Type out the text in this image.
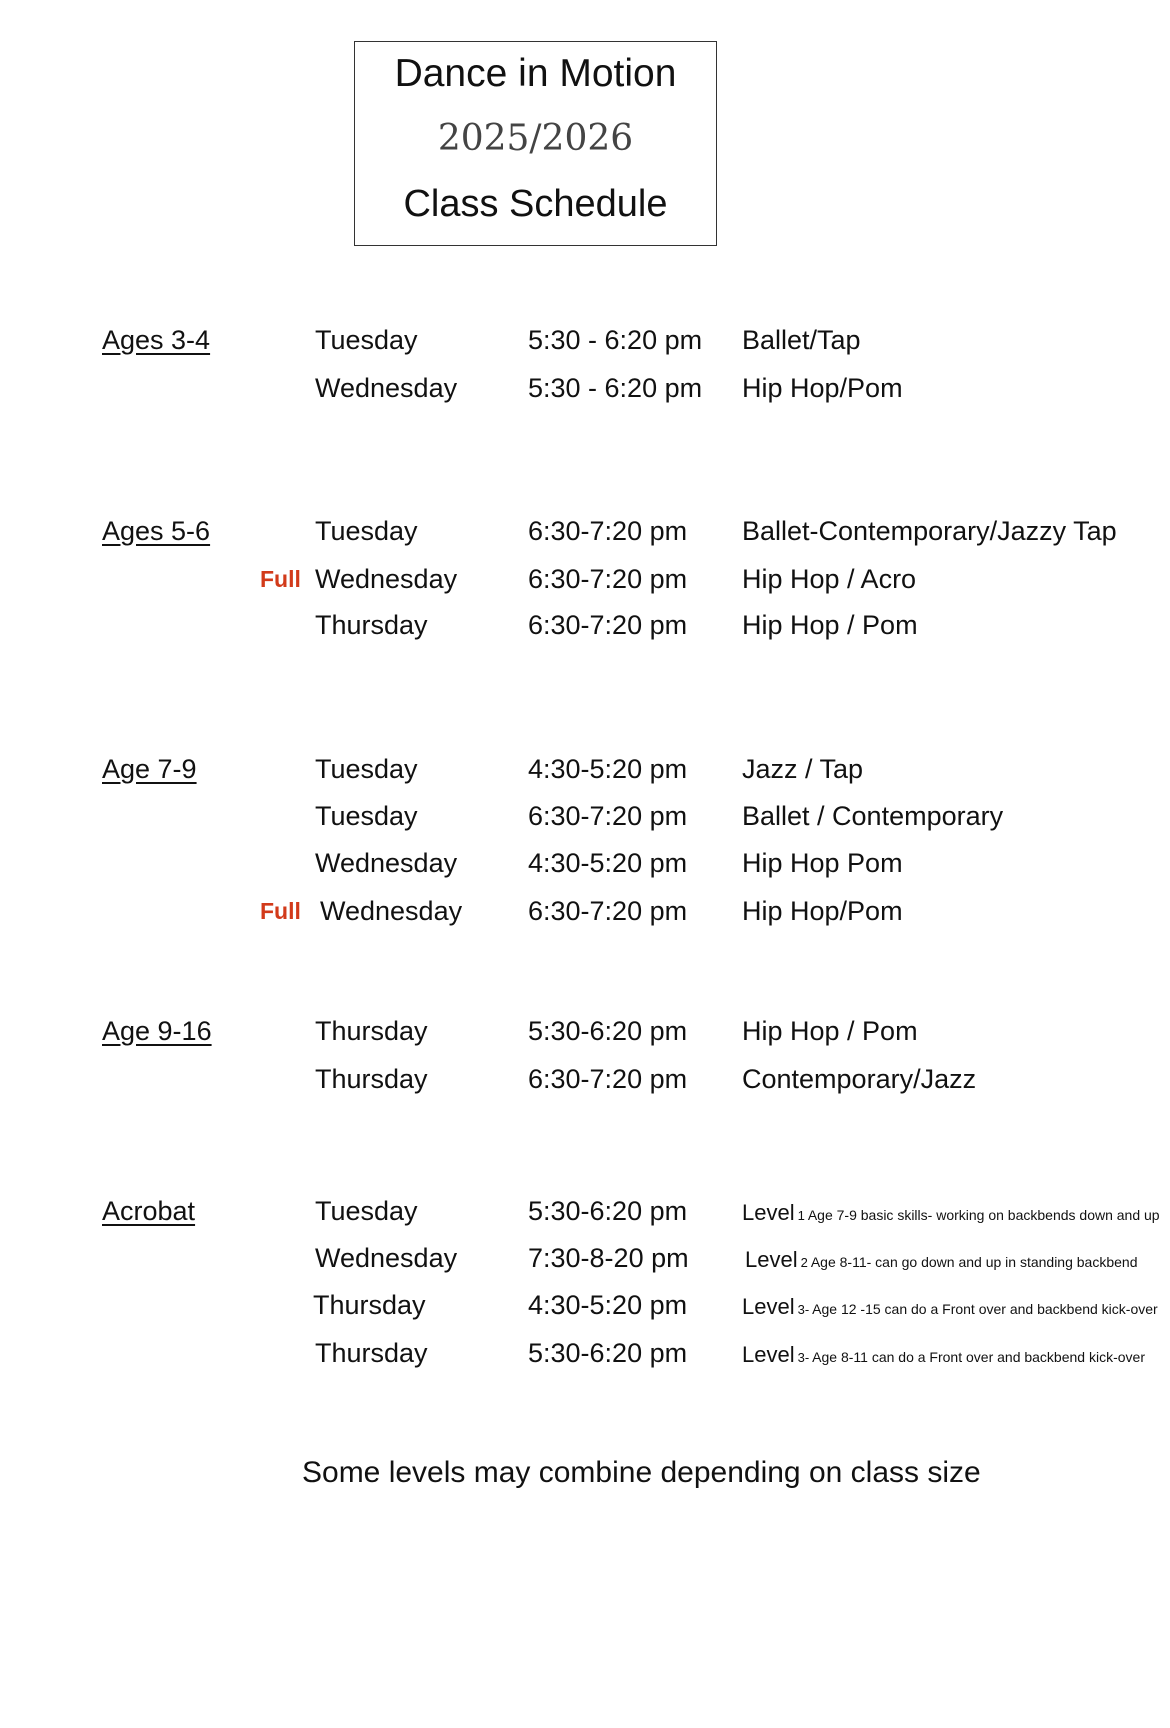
Dance in Motion
2025/2026
Class Schedule
Ages 3-4	Tuesday	5:30 - 6:20 pm Ballet/Tap
Wednesday	5:30 - 6:20 pm Hip Hop/Pom
Ages 5-6	Tuesday	6:30-7:20 pm Ballet-Contemporary/Jazzy Tap
Full Wednesday	6:30-7:20 pm Hip Hop / Acro
Thursday	6:30-7:20 pm Hip Hop / Pom
Age 7-9	Tuesday	4:30-5:20 pm Jazz / Tap
Tuesday	6:30-7:20 pm Ballet / Contemporary
Wednesday	4:30-5:20 pm Hip Hop Pom
Full Wednesday 6:30-7:20 pm Hip Hop/Pom
Age 9-16	Thursday	5:30-6:20 pm Hip Hop / Pom
Thursday	6:30-7:20 pm Contemporary/Jazz
Acrobat	Tuesday	5:30-6:20 pm Level 1 Age 7-9 basic skills- working on backbends down and up
Wednesday	7:30-8-20 pm	Level 2 Age 8-11- can go down and up in standing backbend
Thursday	4:30-5:20 pm Level 3- Age 12 -15 can do a Front over and backbend kick-over
Thursday	5:30-6:20 pm Level 3- Age 8-11 can do a Front over and backbend kick-over
Some levels may combine depending on class size
